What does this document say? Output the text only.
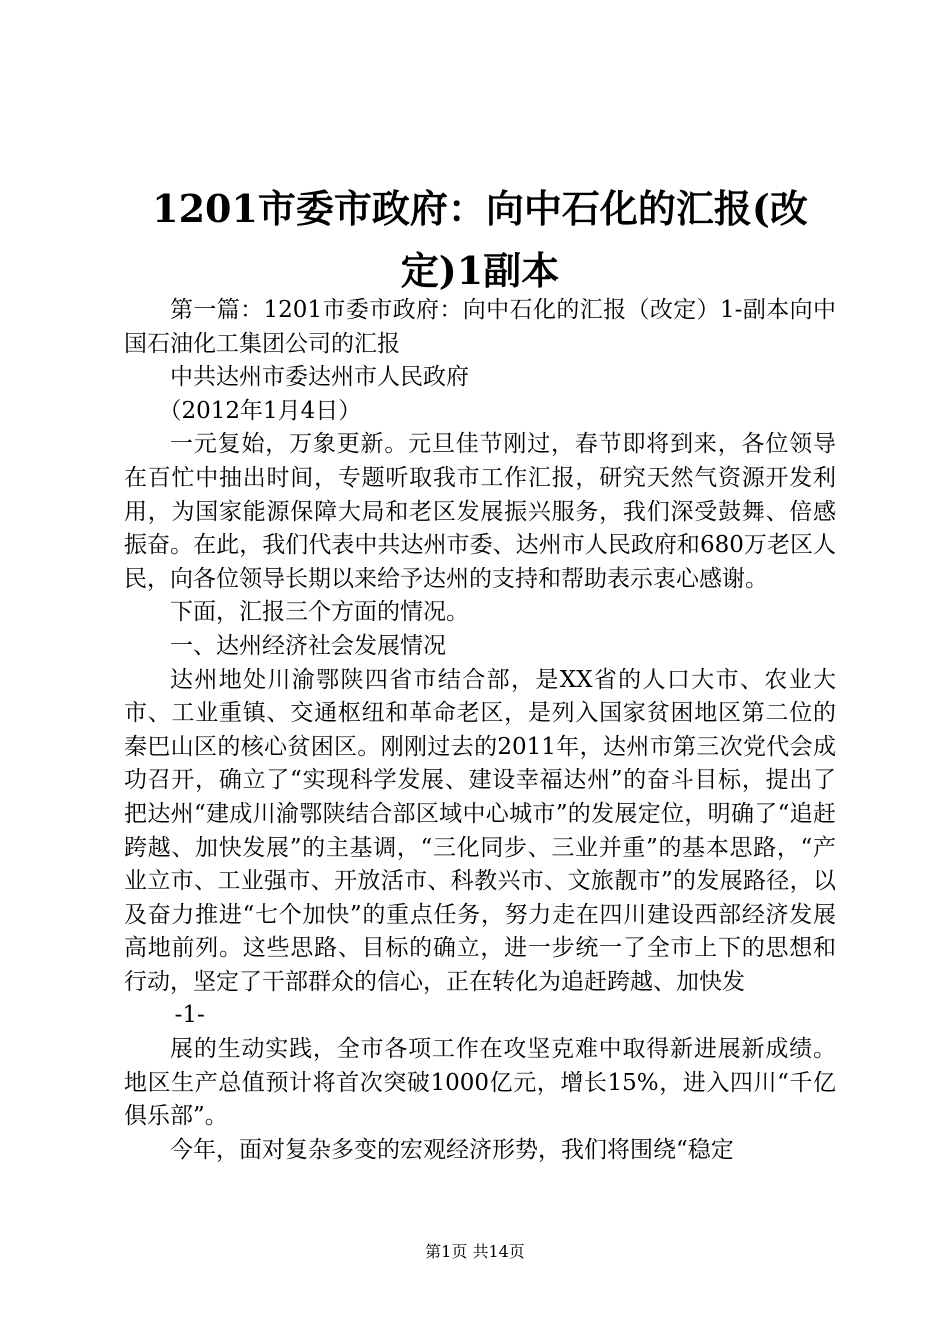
1201市委市政府：向中石化的汇报(改定)1副本

第一篇：1201市委市政府：向中石化的汇报（改定）1-副本向中国石油化工集团公司的汇报

中共达州市委达州市人民政府

（2012年1月4日）

一元复始，万象更新。元旦佳节刚过，春节即将到来，各位领导在百忙中抽出时间，专题听取我市工作汇报，研究天然气资源开发利用，为国家能源保障大局和老区发展振兴服务，我们深受鼓舞、倍感振奋。在此，我们代表中共达州市委、达州市人民政府和680万老区人民，向各位领导长期以来给予达州的支持和帮助表示衷心感谢。

下面，汇报三个方面的情况。

一、达州经济社会发展情况

达州地处川渝鄂陕四省市结合部，是XX省的人口大市、农业大市、工业重镇、交通枢纽和革命老区，是列入国家贫困地区第二位的秦巴山区的核心贫困区。刚刚过去的2011年，达州市第三次党代会成功召开，确立了“实现科学发展、建设幸福达州”的奋斗目标，提出了把达州“建成川渝鄂陕结合部区域中心城市”的发展定位，明确了“追赶跨越、加快发展”的主基调，“三化同步、三业并重”的基本思路，“产业立市、工业强市、开放活市、科教兴市、文旅靓市”的发展路径，以及奋力推进“七个加快”的重点任务，努力走在四川建设西部经济发展高地前列。这些思路、目标的确立，进一步统一了全市上下的思想和行动，坚定了干部群众的信心，正在转化为追赶跨越、加快发

-1-

展的生动实践，全市各项工作在攻坚克难中取得新进展新成绩。地区生产总值预计将首次突破1000亿元，增长15%，进入四川“千亿俱乐部”。

今年，面对复杂多变的宏观经济形势，我们将围绕“稳定

第1页 共14页
